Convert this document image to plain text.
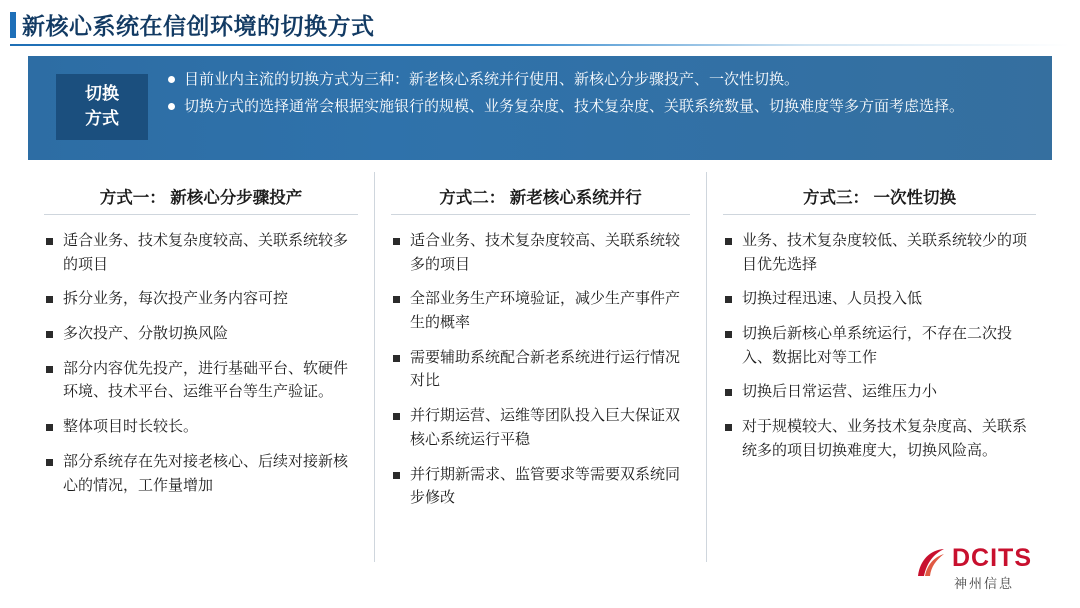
新核心系统在信创环境的切换方式
切换
方式
目前业内主流的切换方式为三种：新老核心系统并行使用、新核心分步骤投产、一次性切换。
切换方式的选择通常会根据实施银行的规模、业务复杂度、技术复杂度、关联系统数量、切换难度等多方面考虑选择。
方式一： 新核心分步骤投产
适合业务、技术复杂度较高、关联系统较多的项目
拆分业务，每次投产业务内容可控
多次投产、分散切换风险
部分内容优先投产，进行基础平台、软硬件环境、技术平台、运维平台等生产验证。
整体项目时长较长。
部分系统存在先对接老核心、后续对接新核心的情况，工作量增加
方式二： 新老核心系统并行
适合业务、技术复杂度较高、关联系统较多的项目
全部业务生产环境验证，减少生产事件产生的概率
需要辅助系统配合新老系统进行运行情况对比
并行期运营、运维等团队投入巨大保证双核心系统运行平稳
并行期新需求、监管要求等需要双系统同步修改
方式三： 一次性切换
业务、技术复杂度较低、关联系统较少的项目优先选择
切换过程迅速、人员投入低
切换后新核心单系统运行，不存在二次投入、数据比对等工作
切换后日常运营、运维压力小
对于规模较大、业务技术复杂度高、关联系统多的项目切换难度大，切换风险高。
DCITS
神州信息
